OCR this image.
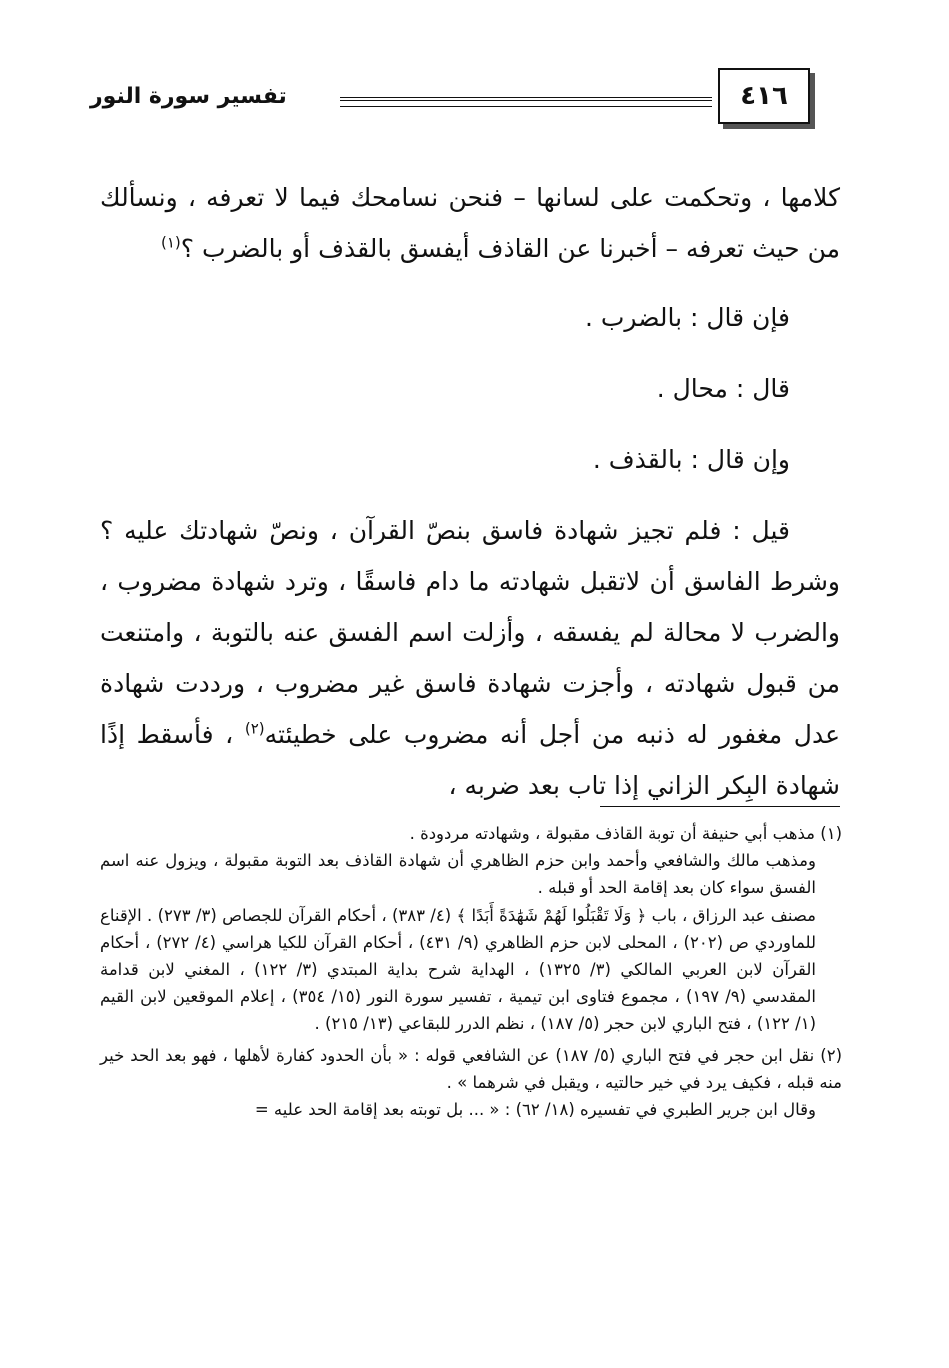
٤١٦
تفسير سورة النور

كلامها ، وتحكمت على لسانها – فنحن نسامحك فيما لا تعرفه ، ونسألك من حيث تعرفه – أخبرنا عن القاذف أيفسق بالقذف أو بالضرب ؟$^{(١)}$

فإن قال : بالضرب .

قال : محال .

وإن قال : بالقذف .

قيل : فلم تجيز شهادة فاسق بنصّ القرآن ، ونصّ شهادتك عليه ؟ وشرط الفاسق أن لاتقبل شهادته ما دام فاسقًا ، وترد شهادة مضروب ، والضرب لا محالة لم يفسقه ، وأزلت اسم الفسق عنه بالتوبة ، وامتنعت من قبول شهادته ، وأجزت شهادة فاسق غير مضروب ، ورددت شهادة عدل مغفور له ذنبه من أجل أنه مضروب على خطيئته$^{(٢)}$ ، فأسقط إذًا شهادة البِكر الزاني إذا تاب بعد ضربه ،

(١) مذهب أبي حنيفة أن توبة القاذف مقبولة ، وشهادته مردودة .
ومذهب مالك والشافعي وأحمد وابن حزم الظاهري أن شهادة القاذف بعد التوبة مقبولة ، ويزول عنه اسم الفسق سواء كان بعد إقامة الحد أو قبله .
مصنف عبد الرزاق ، باب ﴿ وَلَا تَقْبَلُوا لَهُمْ شَهَٰدَةً أَبَدًا ﴾ (٤/ ٣٨٣) ، أحكام القرآن للجصاص (٣/ ٢٧٣) . الإقناع للماوردي ص (٢٠٢) ، المحلى لابن حزم الظاهري (٩/ ٤٣١) ، أحكام القرآن للكيا هراسي (٤/ ٢٧٢) ، أحكام القرآن لابن العربي المالكي (٣/ ١٣٢٥) ، الهداية شرح بداية المبتدي (٣/ ١٢٢) ، المغني لابن قدامة المقدسي (٩/ ١٩٧) ، مجموع فتاوى ابن تيمية ، تفسير سورة النور (١٥/ ٣٥٤) ، إعلام الموقعين لابن القيم (١/ ١٢٢) ، فتح الباري لابن حجر (٥/ ١٨٧) ، نظم الدرر للبقاعي (١٣/ ٢١٥) .
(٢) نقل ابن حجر في فتح الباري (٥/ ١٨٧) عن الشافعي قوله : « بأن الحدود كفارة لأهلها ، فهو بعد الحد خير منه قبله ، فكيف يرد في خير حالتيه ، ويقبل في شرهما » .
وقال ابن جرير الطبري في تفسيره (١٨/ ٦٢) : « ... بل توبته بعد إقامة الحد عليه =
